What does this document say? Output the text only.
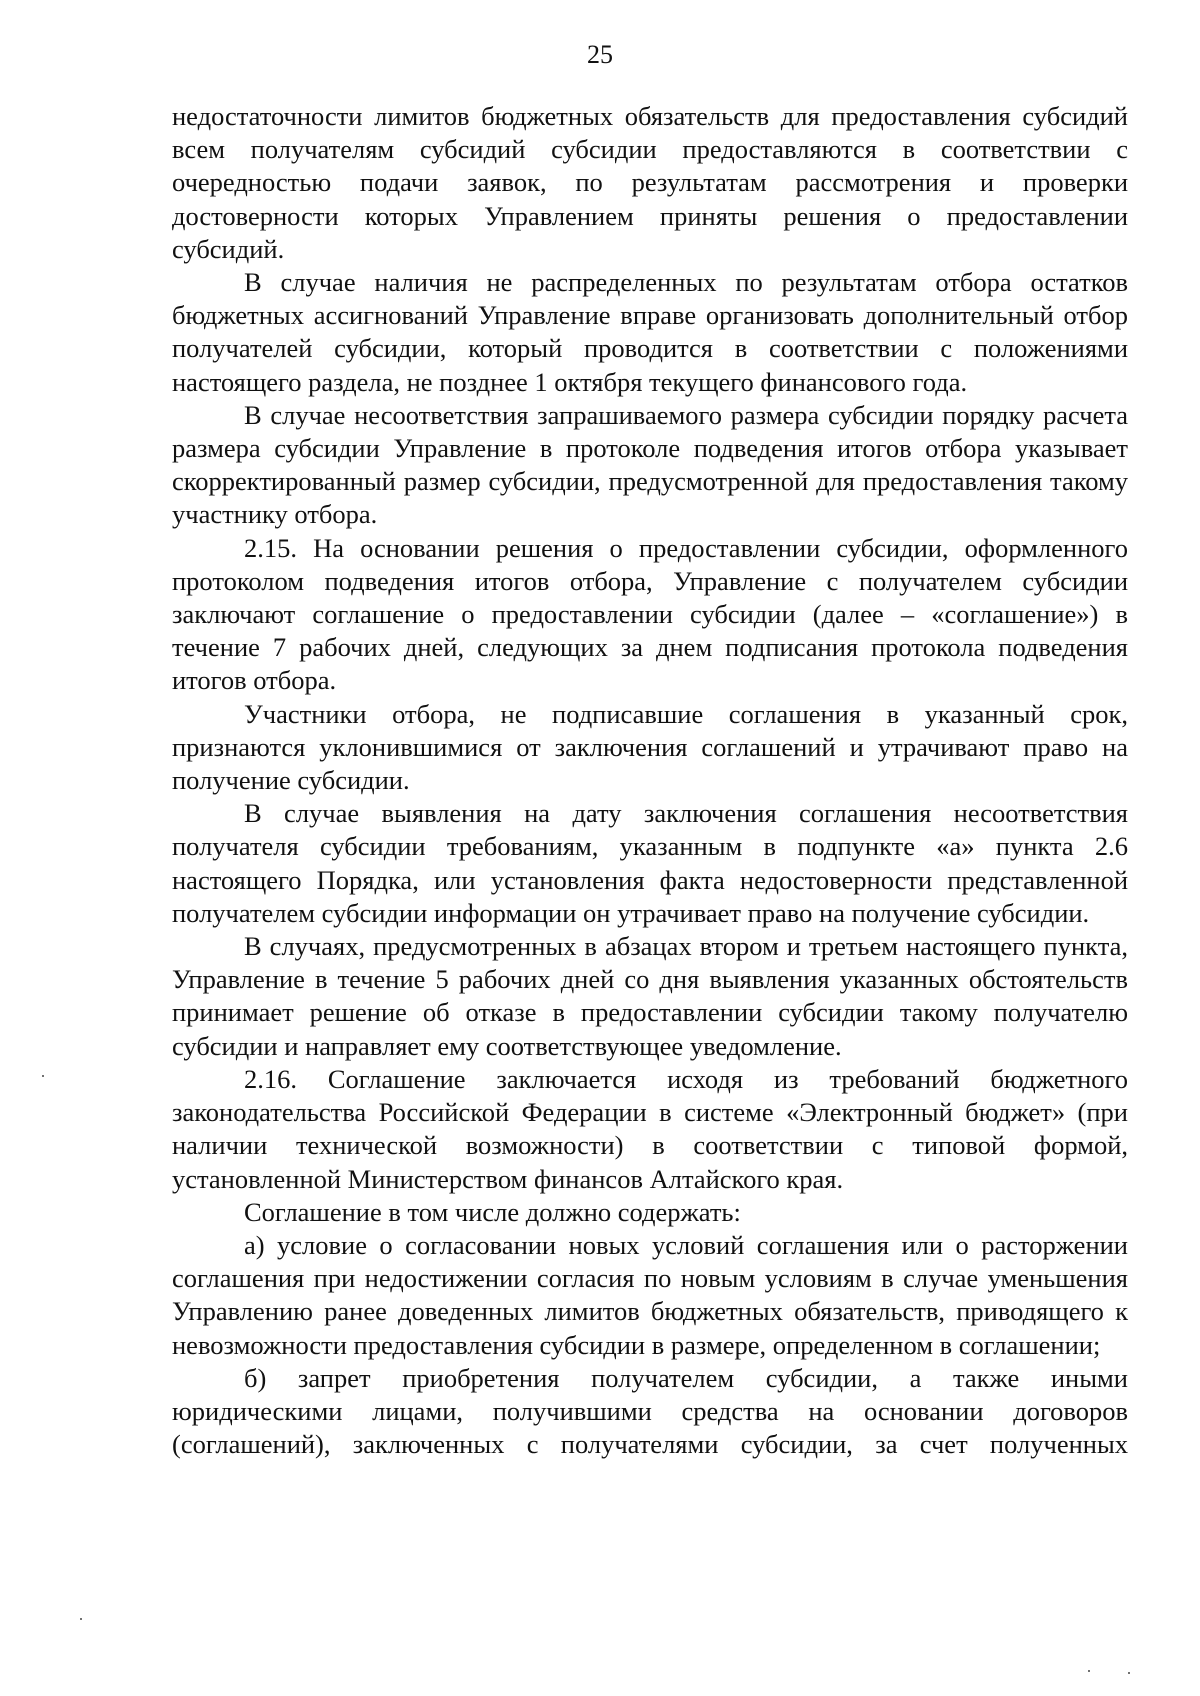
25

недостаточности лимитов бюджетных обязательств для предоставления субсидий всем получателям субсидий субсидии предоставляются в соответствии с очередностью подачи заявок, по результатам рассмотрения и проверки достоверности которых Управлением приняты решения о предоставлении субсидий.

В случае наличия не распределенных по результатам отбора остатков бюджетных ассигнований Управление вправе организовать дополнительный отбор получателей субсидии, который проводится в соответствии с положениями настоящего раздела, не позднее 1 октября текущего финансового года.

В случае несоответствия запрашиваемого размера субсидии порядку расчета размера субсидии Управление в протоколе подведения итогов отбора указывает скорректированный размер субсидии, предусмотренной для предоставления такому участнику отбора.

2.15. На основании решения о предоставлении субсидии, оформленного протоколом подведения итогов отбора, Управление с получателем субсидии заключают соглашение о предоставлении субсидии (далее – «соглашение») в течение 7 рабочих дней, следующих за днем подписания протокола подведения итогов отбора.

Участники отбора, не подписавшие соглашения в указанный срок, признаются уклонившимися от заключения соглашений и утрачивают право на получение субсидии.

В случае выявления на дату заключения соглашения несоответствия получателя субсидии требованиям, указанным в подпункте «а» пункта 2.6 настоящего Порядка, или установления факта недостоверности представленной получателем субсидии информации он утрачивает право на получение субсидии.

В случаях, предусмотренных в абзацах втором и третьем настоящего пункта, Управление в течение 5 рабочих дней со дня выявления указанных обстоятельств принимает решение об отказе в предоставлении субсидии такому получателю субсидии и направляет ему соответствующее уведомление.

2.16. Соглашение заключается исходя из требований бюджетного законодательства Российской Федерации в системе «Электронный бюджет» (при наличии технической возможности) в соответствии с типовой формой, установленной Министерством финансов Алтайского края.

Соглашение в том числе должно содержать:

а) условие о согласовании новых условий соглашения или о расторжении соглашения при недостижении согласия по новым условиям в случае уменьшения Управлению ранее доведенных лимитов бюджетных обязательств, приводящего к невозможности предоставления субсидии в размере, определенном в соглашении;

б) запрет приобретения получателем субсидии, а также иными юридическими лицами, получившими средства на основании договоров (соглашений), заключенных с получателями субсидии, за счет полученных
